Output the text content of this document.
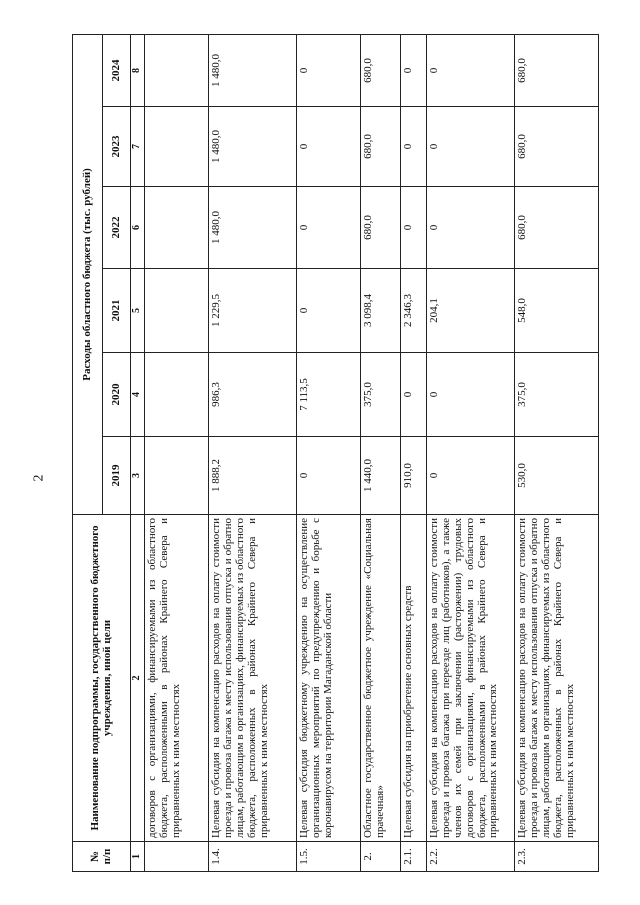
2
№ п/п	Наименование подпрограммы, государственного бюджетного учреждения, иной цели	Расходы областного бюджета (тыс. рублей)					
		2019	2020	2021	2022	2023	2024
1	2	3	4	5	6	7	8
	договоров с организациями, финансируемыми из областного бюджета, расположенными в районах Крайнего Севера и приравненных к ним местностях						
1.4.	Целевая субсидия на компенсацию расходов на оплату стоимости проезда и провоза багажа к месту использования отпуска и обратно лицам, работающим в организациях, финансируемых из областного бюджета, расположенных в районах Крайнего Севера и приравненных к ним местностях	1 888,2	986,3	1 229,5	1 480,0	1 480,0	1 480,0
1.5.	Целевая субсидия бюджетному учреждению на осуществление организационных мероприятий по предупреждению и борьбе с коронавирусом на территории Магаданской области	0	7 113,5	0	0	0	0
2.	Областное государственное бюджетное учреждение «Социальная прачечная»	1 440,0	375,0	3 098,4	680,0	680,0	680,0
2.1.	Целевая субсидия на приобретение основных средств	910,0	0	2 346,3	0	0	0
2.2.	Целевая субсидия на компенсацию расходов на оплату стоимости проезда и провоза багажа при переезде лиц (работников), а также членов их семей при заключении (расторжении) трудовых договоров с организациями, финансируемыми из областного бюджета, расположенными в районах Крайнего Севера и приравненных к ним местностях	0	0	204,1	0	0	0
2.3.	Целевая субсидия на компенсацию расходов на оплату стоимости проезда и провоза багажа к месту использования отпуска и обратно лицам, работающим в организациях, финансируемых из областного бюджета, расположенных в районах Крайнего Севера и приравненных к ним местностях	530,0	375,0	548,0	680,0	680,0	680,0
